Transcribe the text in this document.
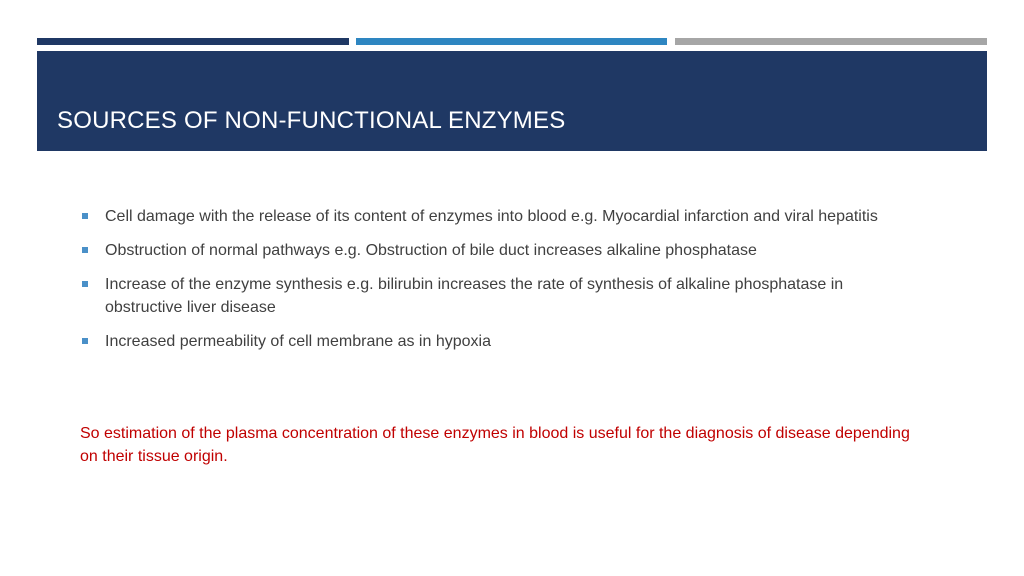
SOURCES OF NON-FUNCTIONAL ENZYMES
Cell damage with the release of its content of enzymes into blood e.g. Myocardial infarction and viral hepatitis
Obstruction of normal pathways e.g. Obstruction of bile duct increases alkaline phosphatase
Increase of the enzyme synthesis e.g. bilirubin increases the rate of synthesis of alkaline phosphatase in obstructive liver disease
Increased permeability of cell membrane as in hypoxia

So estimation of the plasma concentration of these enzymes in blood is useful for the diagnosis of disease depending on their tissue origin.
